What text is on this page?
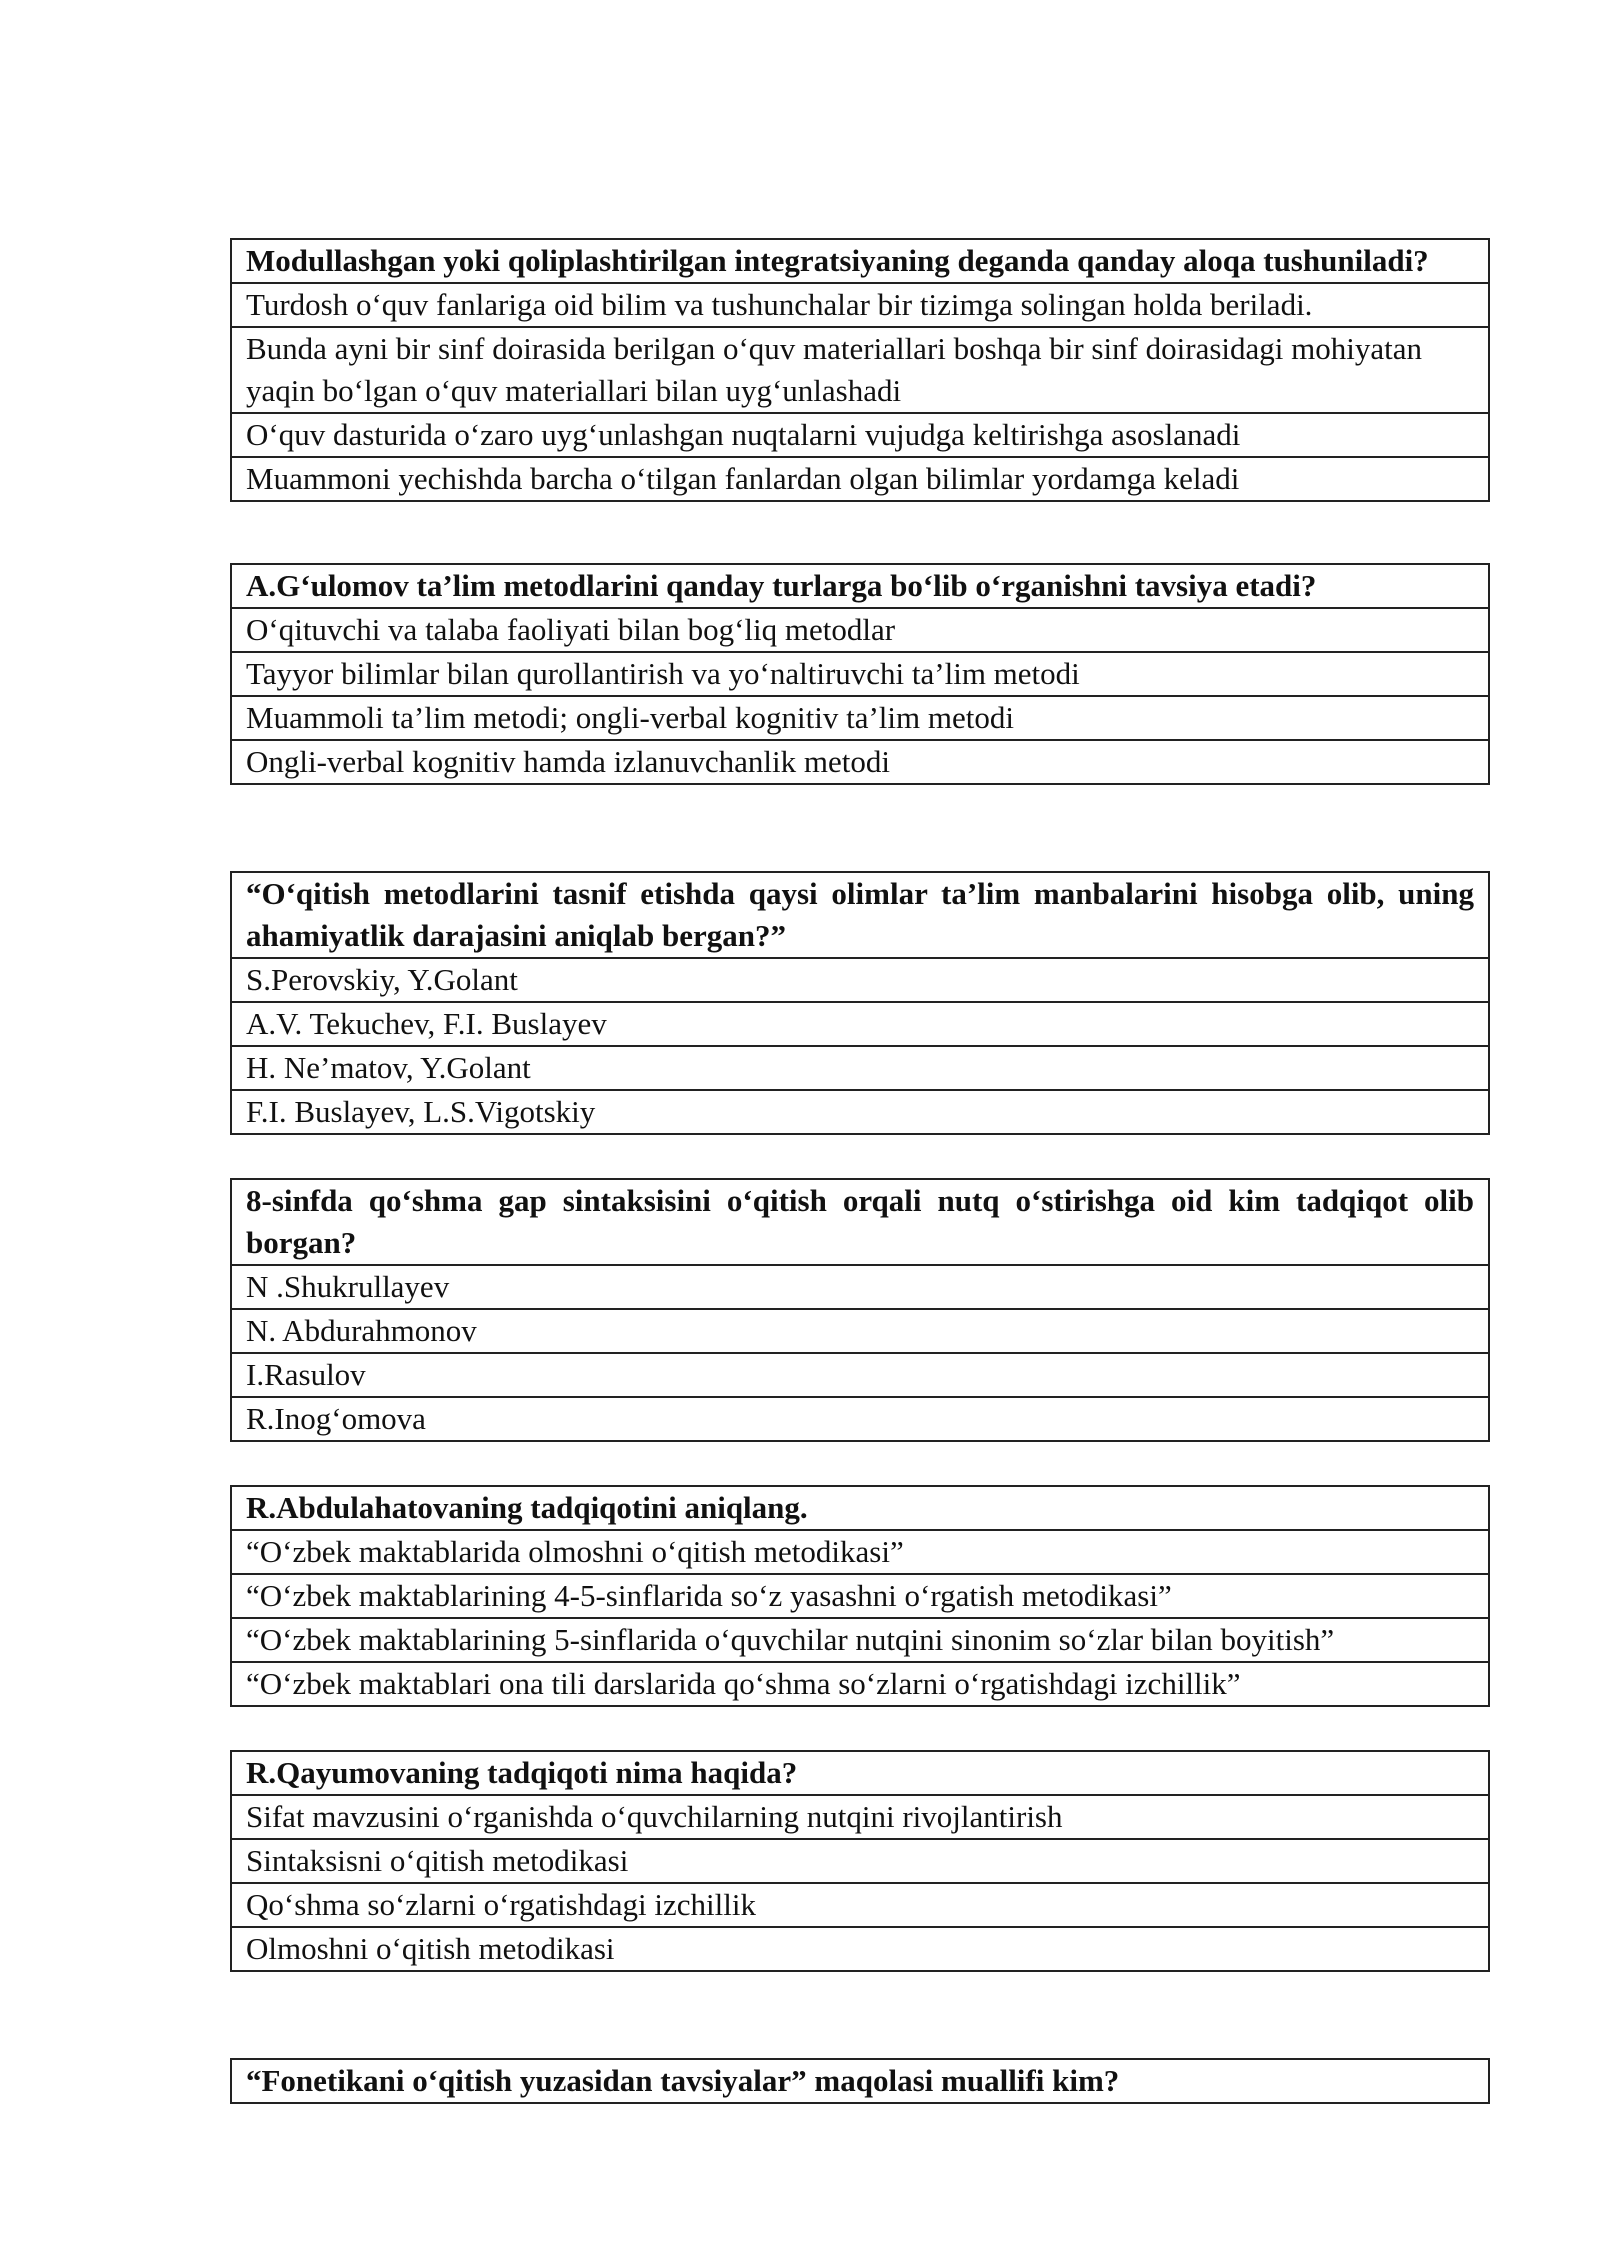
Modullashgan yoki qoliplashtirilgan integratsiyaning deganda qanday aloqa tushuniladi?
Turdosh o‘quv fanlariga oid bilim va tushunchalar bir tizimga solingan holda beriladi.
Bunda ayni bir sinf doirasida berilgan o‘quv materiallari boshqa bir sinf doirasidagi mohiyatan yaqin bo‘lgan o‘quv materiallari bilan uyg‘unlashadi
O‘quv dasturida o‘zaro uyg‘unlashgan nuqtalarni vujudga keltirishga asoslanadi
Muammoni yechishda barcha o‘tilgan fanlardan olgan bilimlar yordamga keladi
A.G‘ulomov ta’lim metodlarini qanday turlarga bo‘lib o‘rganishni tavsiya etadi?
O‘qituvchi va talaba faoliyati bilan bog‘liq metodlar
Tayyor bilimlar bilan qurollantirish va yo‘naltiruvchi ta’lim metodi
Muammoli ta’lim metodi; ongli-verbal kognitiv ta’lim metodi
Ongli-verbal kognitiv hamda izlanuvchanlik metodi
“O‘qitish metodlarini tasnif etishda qaysi olimlar ta’lim manbalarini hisobga olib, uning ahamiyatlik darajasini aniqlab bergan?”
S.Perovskiy, Y.Golant
A.V. Tekuchev, F.I. Buslayev
H. Ne’matov, Y.Golant
F.I. Buslayev, L.S.Vigotskiy
8-sinfda qo‘shma gap sintaksisini o‘qitish orqali nutq o‘stirishga oid kim tadqiqot olib borgan?
N .Shukrullayev
N. Abdurahmonov
I.Rasulov
R.Inog‘omova
R.Abdulahatovaning tadqiqotini aniqlang.
“O‘zbek maktablarida olmoshni o‘qitish metodikasi”
“O‘zbek maktablarining 4-5-sinflarida so‘z yasashni o‘rgatish metodikasi”
“O‘zbek maktablarining 5-sinflarida o‘quvchilar nutqini sinonim so‘zlar bilan boyitish”
“O‘zbek maktablari ona tili darslarida qo‘shma so‘zlarni o‘rgatishdagi izchillik”
R.Qayumovaning tadqiqoti nima haqida?
Sifat mavzusini o‘rganishda o‘quvchilarning nutqini rivojlantirish
Sintaksisni o‘qitish metodikasi
Qo‘shma so‘zlarni o‘rgatishdagi izchillik
Olmoshni o‘qitish metodikasi
“Fonetikani o‘qitish yuzasidan tavsiyalar” maqolasi muallifi kim?
